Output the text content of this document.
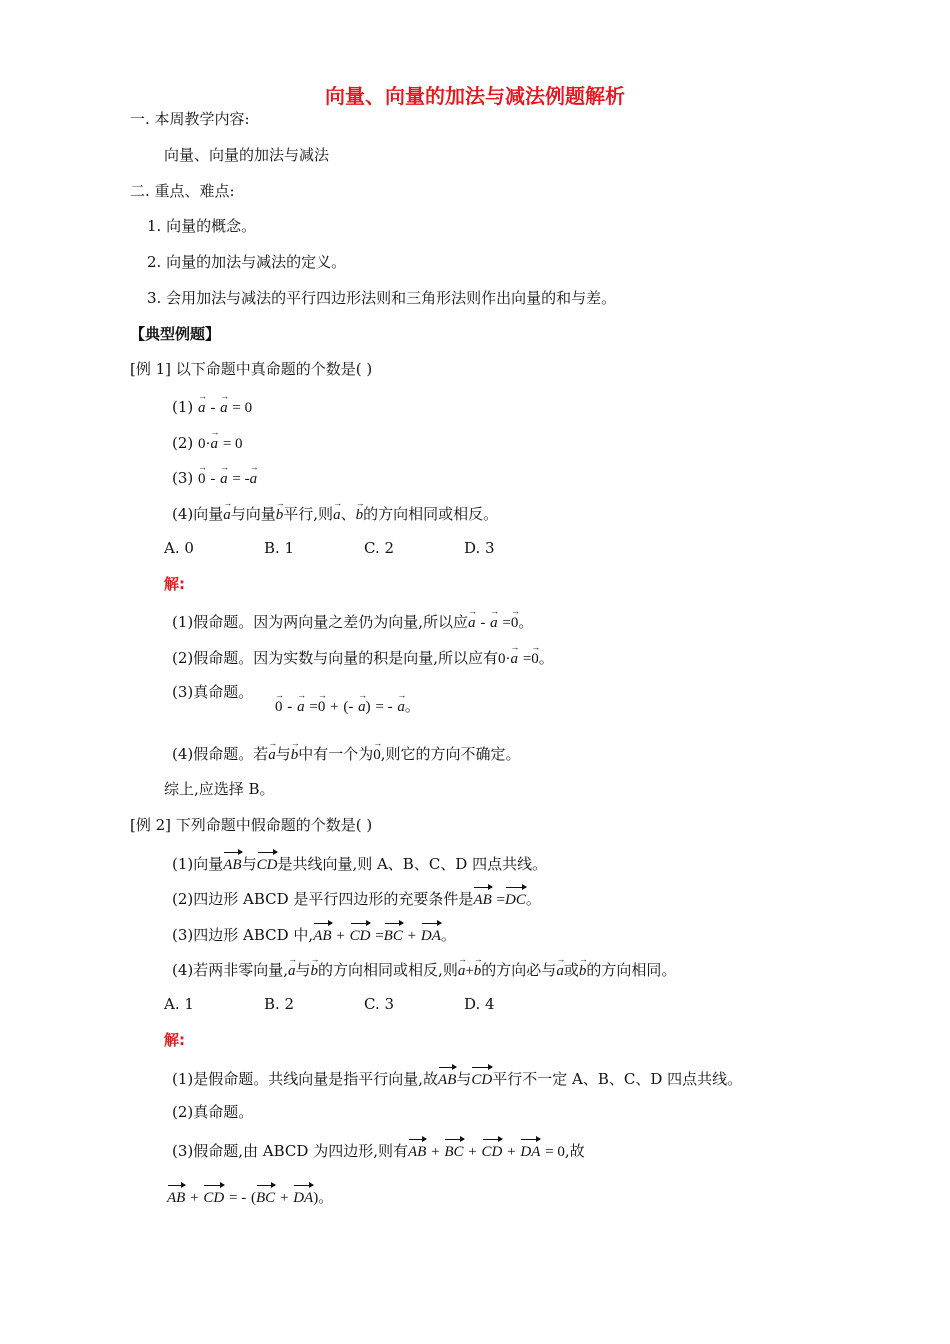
向量、向量的加法与减法例题解析
一. 本周教学内容:
向量、向量的加法与减法
二. 重点、难点:
1. 向量的概念。
2. 向量的加法与减法的定义。
3. 会用加法与减法的平行四边形法则和三角形法则作出向量的和与差。
【典型例题】
[例 1] 以下命题中真命题的个数是( )
(1) a → - a → = 0
(2) 0·a → = 0
(3) 0 → - a → = -a →
(4)向量a →与向量b →平行,则a →、b →的方向相同或相反。
A. 0	B. 1	C. 2	D. 3
解:
(1)假命题。因为两向量之差仍为向量,所以应a → - a → =0 →。
(2)假命题。因为实数与向量的积是向量,所以应有0·a → =0 →。
(3)真命题。
0 → - a → =0 → + (- a →) = - a →。
(4)假命题。若a →与b →中有一个为0 →,则它的方向不确定。
综上,应选择 B。
[例 2] 下列命题中假命题的个数是( )
(1)向量AB与CD是共线向量,则 A、B、C、D 四点共线。
(2)四边形 ABCD 是平行四边形的充要条件是AB =DC。
(3)四边形 ABCD 中,AB + CD =BC + DA。
(4)若两非零向量,a →与b →的方向相同或相反,则a →+b →的方向必与a →或b →的方向相同。
A. 1	B. 2	C. 3	D. 4
解:
(1)是假命题。共线向量是指平行向量,故AB与CD平行不一定 A、B、C、D 四点共线。
(2)真命题。
(3)假命题,由 ABCD 为四边形,则有AB + BC + CD + DA = 0,故
AB + CD = - (BC + DA)。
